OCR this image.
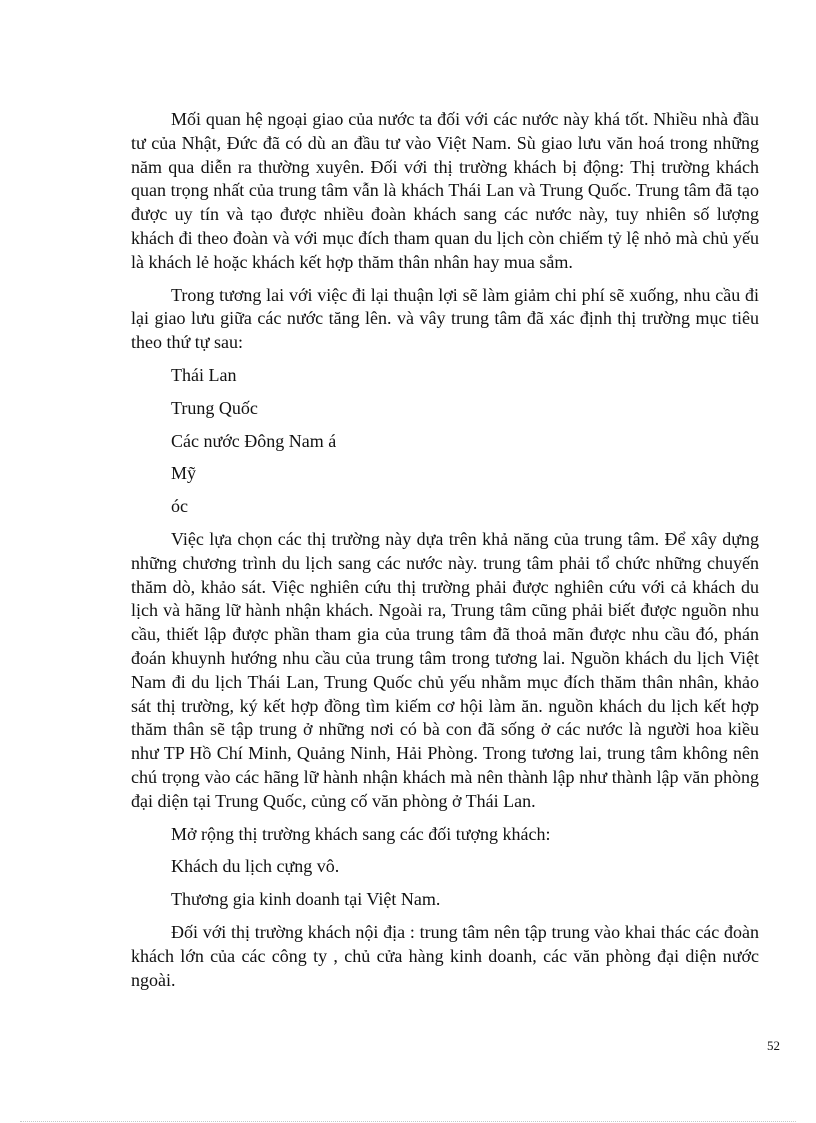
Mối quan hệ ngoại giao của nước ta đối với các nước này khá tốt. Nhiều nhà đầu tư của Nhật, Đức đã có dù an đầu tư vào Việt Nam. Sù giao lưu văn hoá trong những năm qua diễn ra thường xuyên. Đối với thị trường khách bị động: Thị trường khách quan trọng nhất của trung tâm vẫn là khách Thái Lan và Trung Quốc. Trung tâm đã tạo được uy tín và tạo được nhiều đoàn khách sang các nước này, tuy nhiên số lượng khách đi theo đoàn và với mục đích tham quan du lịch còn chiếm tỷ lệ nhỏ mà chủ yếu là khách lẻ hoặc khách kết hợp thăm thân nhân hay mua sắm.

Trong tương lai với việc đi lại thuận lợi sẽ làm giảm chi phí sẽ xuống, nhu cầu đi lại giao lưu giữa các nước tăng lên. và vây trung tâm đã xác định thị trường mục tiêu theo thứ tự sau:

Thái Lan

Trung Quốc

Các nước Đông Nam á

Mỹ

óc

Việc lựa chọn các thị trường này dựa trên khả năng của trung tâm. Để xây dựng những chương trình du lịch sang các nước này. trung tâm phải tổ chức những chuyến thăm dò, khảo sát. Việc nghiên cứu thị trường phải được nghiên cứu với cả khách du lịch và hãng lữ hành nhận khách. Ngoài ra, Trung tâm cũng phải biết được nguồn nhu cầu, thiết lập được phần tham gia của trung tâm đã thoả mãn được nhu cầu đó, phán đoán khuynh hướng nhu cầu của trung tâm trong tương lai. Nguồn khách du lịch Việt Nam đi du lịch Thái Lan, Trung Quốc chủ yếu nhằm mục đích thăm thân nhân, khảo sát thị trường, ký kết hợp đồng tìm kiếm cơ hội làm ăn. nguồn khách du lịch kết hợp thăm thân sẽ tập trung ở những nơi có bà con đã sống ở các nước là người hoa kiều như TP Hồ Chí Minh, Quảng Ninh, Hải Phòng. Trong tương lai, trung tâm không nên chú trọng vào các hãng lữ hành nhận khách mà nên thành lập như thành lập văn phòng đại diện tại Trung Quốc, củng cố văn phòng ở Thái Lan.

Mở rộng thị trường khách sang các đối tượng khách:

Khách du lịch cựng vô.

Thương gia kinh doanh tại Việt Nam.

Đối với thị trường khách nội địa : trung tâm nên tập trung vào khai thác các đoàn khách lớn của các công ty , chủ cửa hàng kinh doanh, các văn phòng đại diện nước ngoài.

52
